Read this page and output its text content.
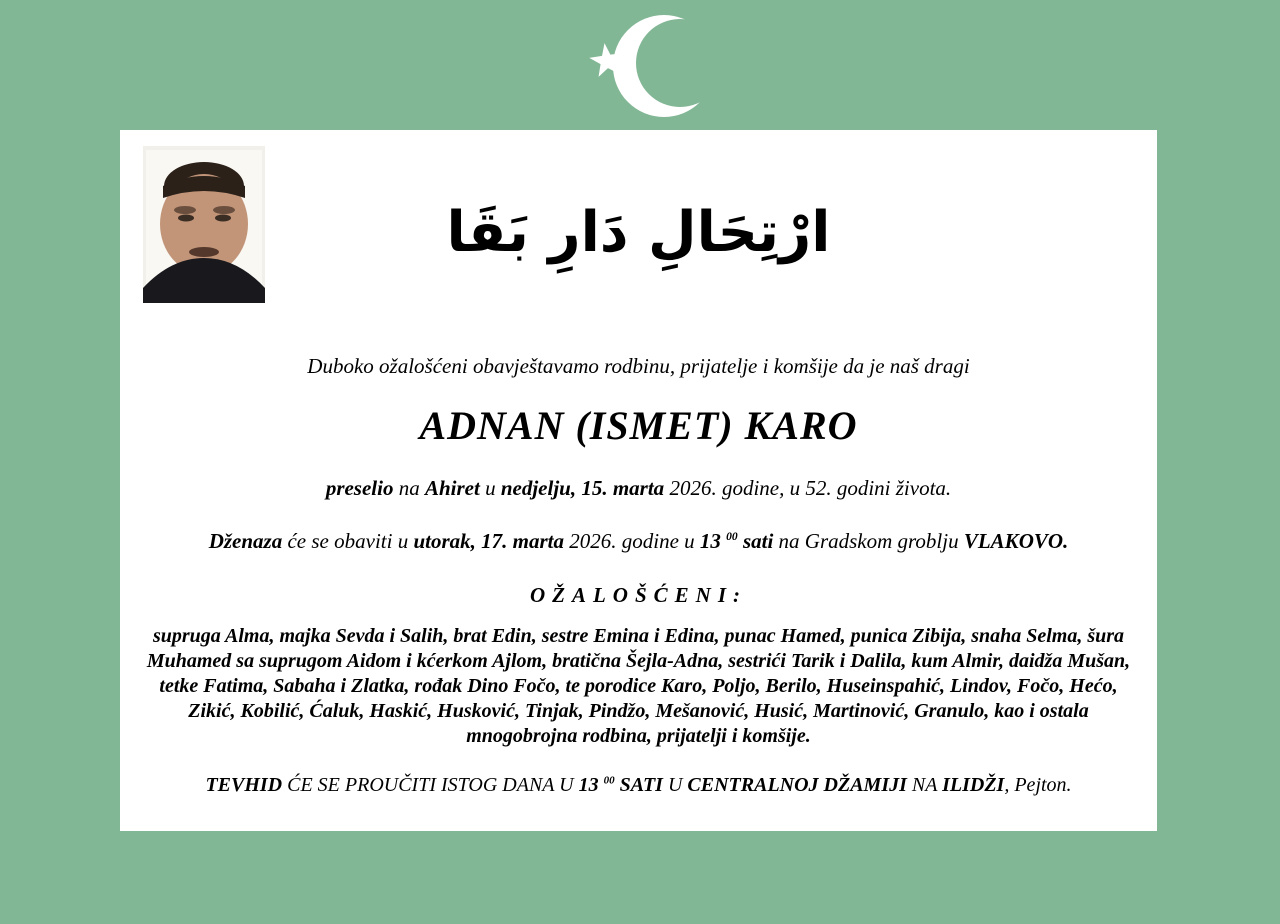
ارْتِحَالِ دَارِ بَقَا
Duboko ožalošćeni obavještavamo rodbinu, prijatelje i komšije da je naš dragi
ADNAN (ISMET) KARO
preselio na Ahiret u nedjelju, 15. marta 2026. godine, u 52. godini života.
Dženaza će se obaviti u utorak, 17. marta 2026. godine u 13 $^{00}$ sati na Gradskom groblju VLAKOVO.
OŽALOŠĆENI:
supruga Alma, majka Sevda i Salih, brat Edin, sestre Emina i Edina, punac Hamed, punica Zibija, snaha Selma, šura Muhamed sa suprugom Aidom i kćerkom Ajlom, bratična Šejla-Adna, sestrići Tarik i Dalila, kum Almir, daidža Mušan, tetke Fatima, Sabaha i Zlatka, rođak Dino Fočo, te porodice Karo, Poljo, Berilo, Huseinspahić, Lindov, Fočo, Hećo, Zikić, Kobilić, Ćaluk, Haskić, Husković, Tinjak, Pindžo, Mešanović, Husić, Martinović, Granulo, kao i ostala mnogobrojna rodbina, prijatelji i komšije.
TEVHID ĆE SE PROUČITI ISTOG DANA U 13 $^{00}$ SATI U CENTRALNOJ DŽAMIJI NA ILIDŽI, Pejton.
